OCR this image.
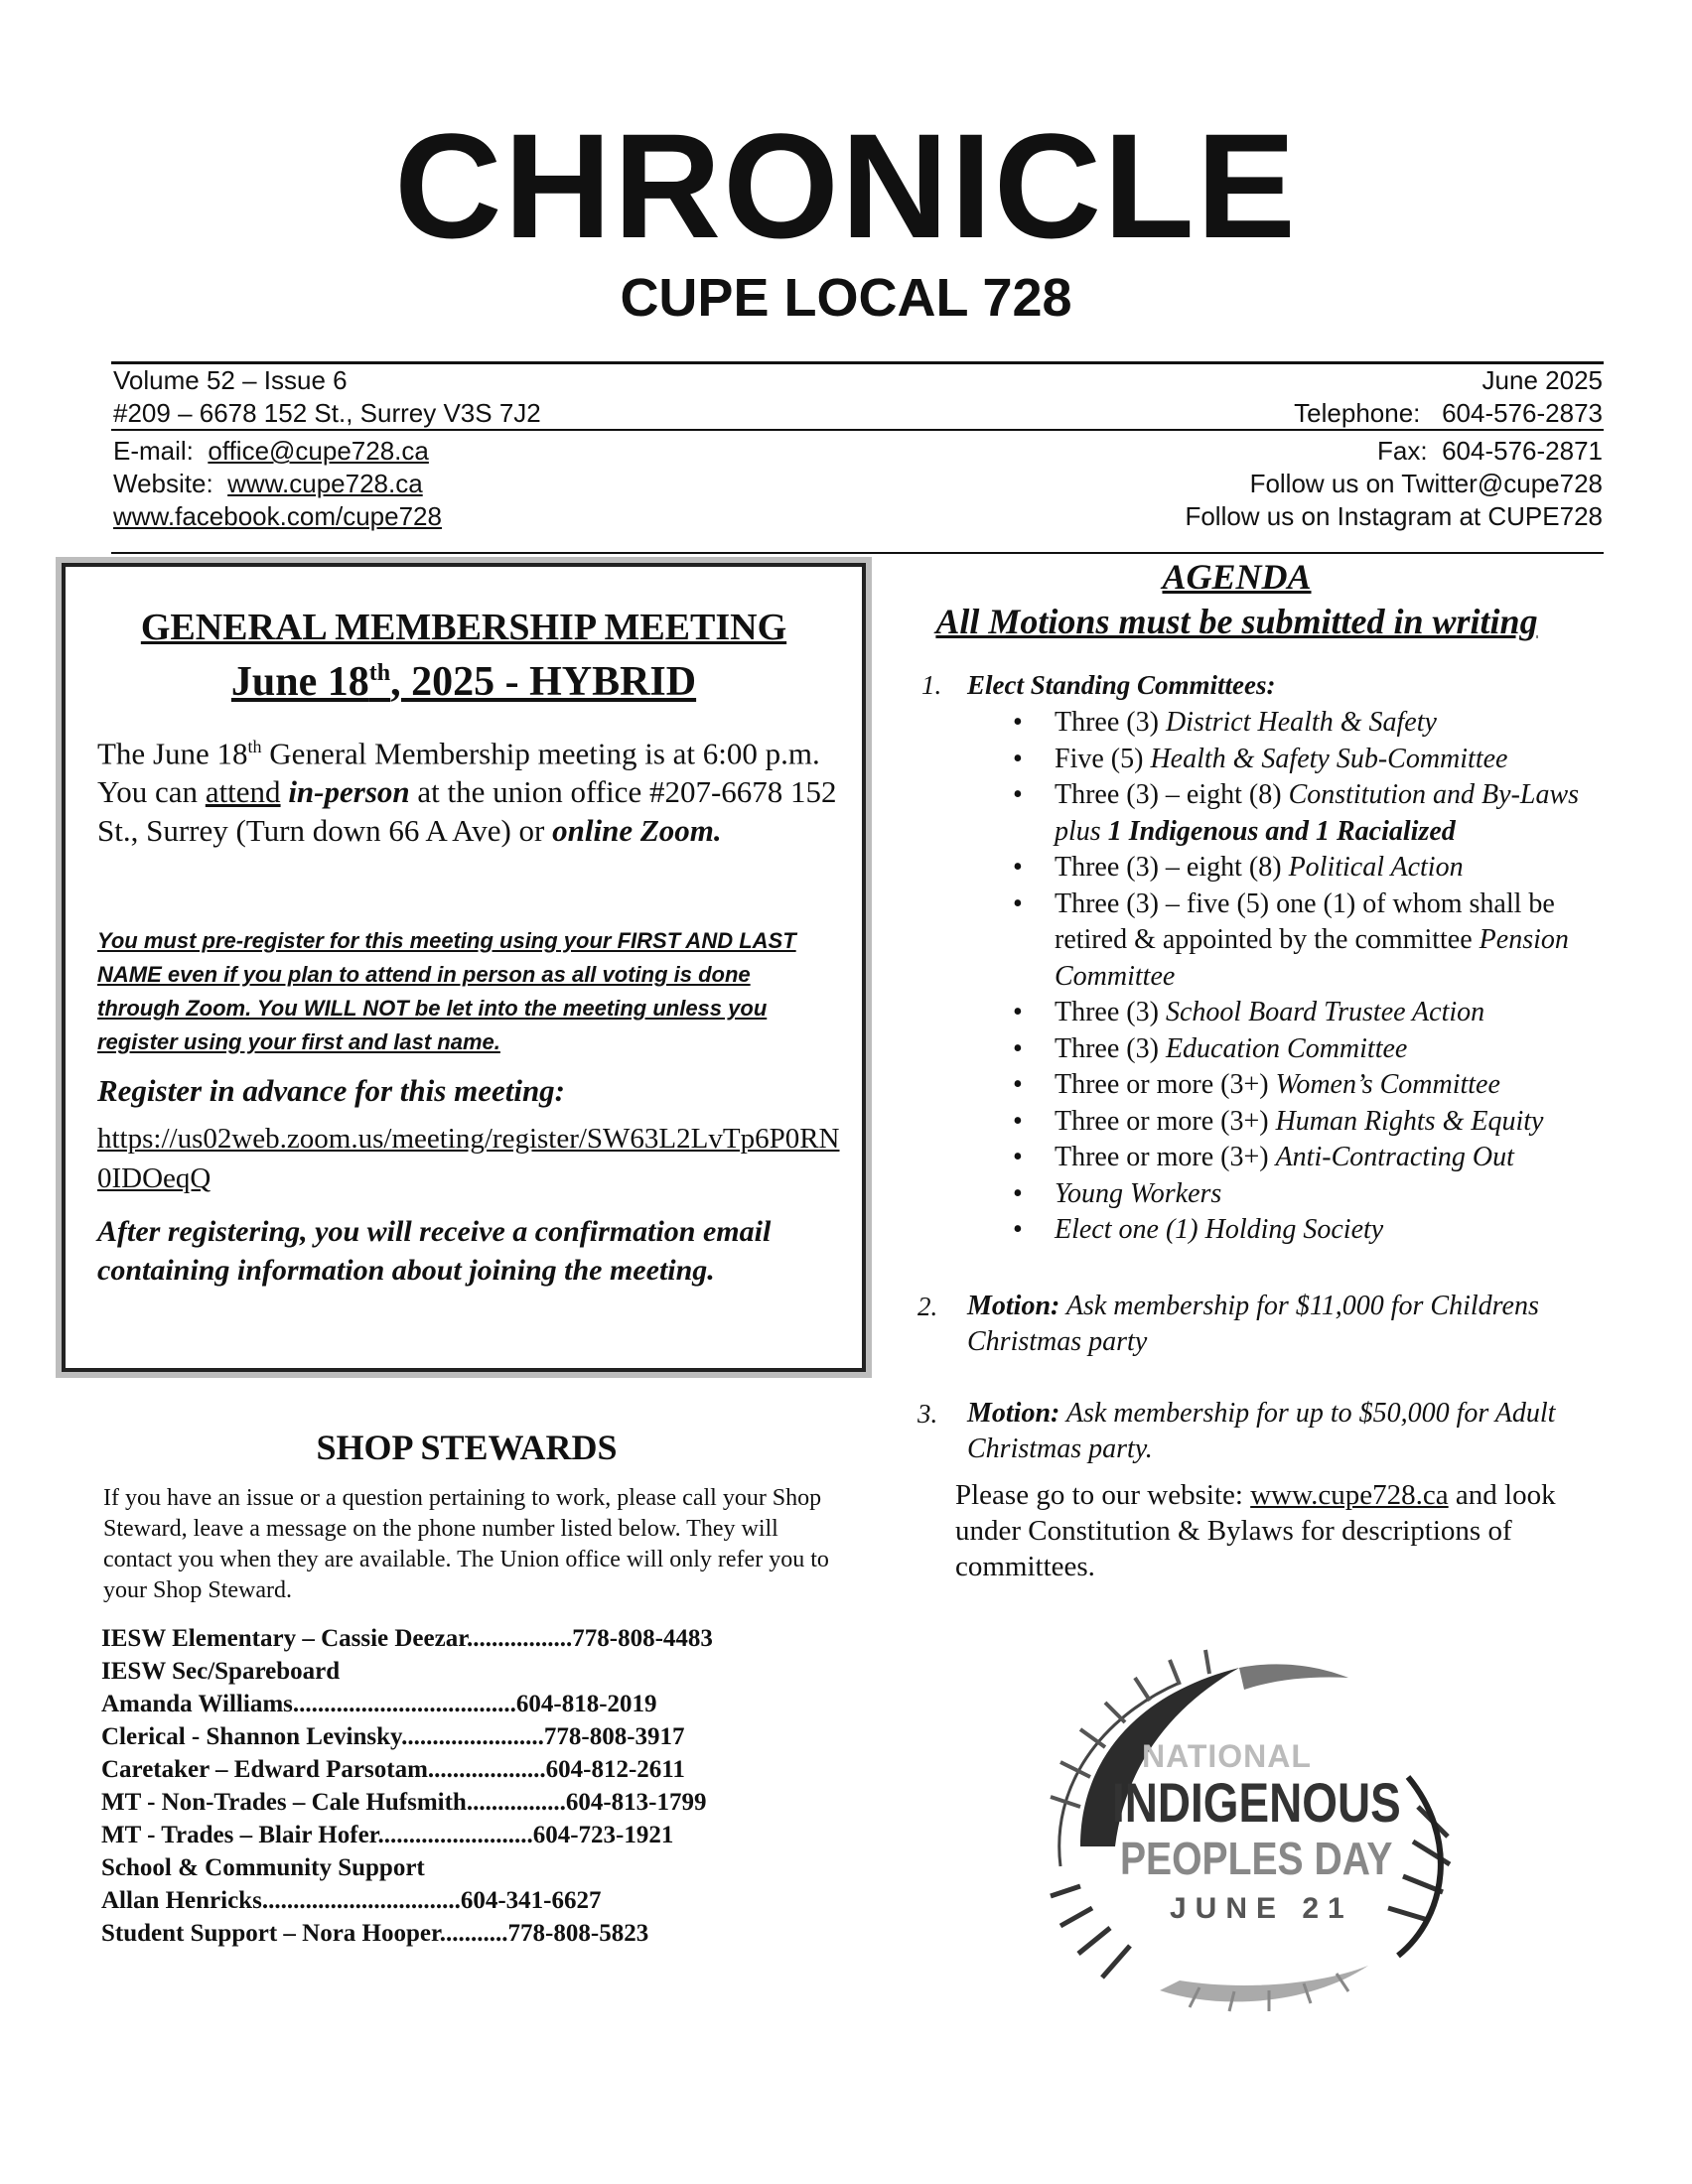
CHRONICLE
CUPE LOCAL 728
Volume 52 – Issue 6
#209 – 6678 152 St., Surrey V3S 7J2
E-mail: office@cupe728.ca
Website: www.cupe728.ca
www.facebook.com/cupe728
June 2025
Telephone: 604-576-2873
Fax: 604-576-2871
Follow us on Twitter@cupe728
Follow us on Instagram at CUPE728
GENERAL MEMBERSHIP MEETING
June 18th, 2025 - HYBRID
The June 18th General Membership meeting is at 6:00 p.m. You can attend in-person at the union office #207-6678 152 St., Surrey (Turn down 66 A Ave) or online Zoom.
You must pre-register for this meeting using your FIRST AND LAST NAME even if you plan to attend in person as all voting is done through Zoom. You WILL NOT be let into the meeting unless you register using your first and last name.
Register in advance for this meeting:
https://us02web.zoom.us/meeting/register/SW63L2LvTp6P0RN0IDOeqQ
After registering, you will receive a confirmation email containing information about joining the meeting.
SHOP STEWARDS
If you have an issue or a question pertaining to work, please call your Shop Steward, leave a message on the phone number listed below. They will contact you when they are available. The Union office will only refer you to your Shop Steward.
IESW Elementary – Cassie Deezar.................778-808-4483
IESW Sec/Spareboard
Amanda Williams....................................604-818-2019
Clerical - Shannon Levinsky.......................778-808-3917
Caretaker – Edward Parsotam...................604-812-2611
MT - Non-Trades – Cale Hufsmith................604-813-1799
MT - Trades – Blair Hofer.........................604-723-1921
School & Community Support
Allan Henricks................................604-341-6627
Student Support – Nora Hooper...........778-808-5823
AGENDA
All Motions must be submitted in writing
1. Elect Standing Committees:
• Three (3) District Health & Safety
• Five (5) Health & Safety Sub-Committee
• Three (3) – eight (8) Constitution and By-Laws plus 1 Indigenous and 1 Racialized
• Three (3) – eight (8) Political Action
• Three (3) – five (5) one (1) of whom shall be retired & appointed by the committee Pension Committee
• Three (3) School Board Trustee Action
• Three (3) Education Committee
• Three or more (3+) Women’s Committee
• Three or more (3+) Human Rights & Equity
• Three or more (3+) Anti-Contracting Out
• Young Workers
• Elect one (1) Holding Society
2. Motion: Ask membership for $11,000 for Childrens Christmas party
3. Motion: Ask membership for up to $50,000 for Adult Christmas party.
Please go to our website: www.cupe728.ca and look under Constitution & Bylaws for descriptions of committees.
NATIONAL
INDIGENOUS
PEOPLES DAY
JUNE 21
